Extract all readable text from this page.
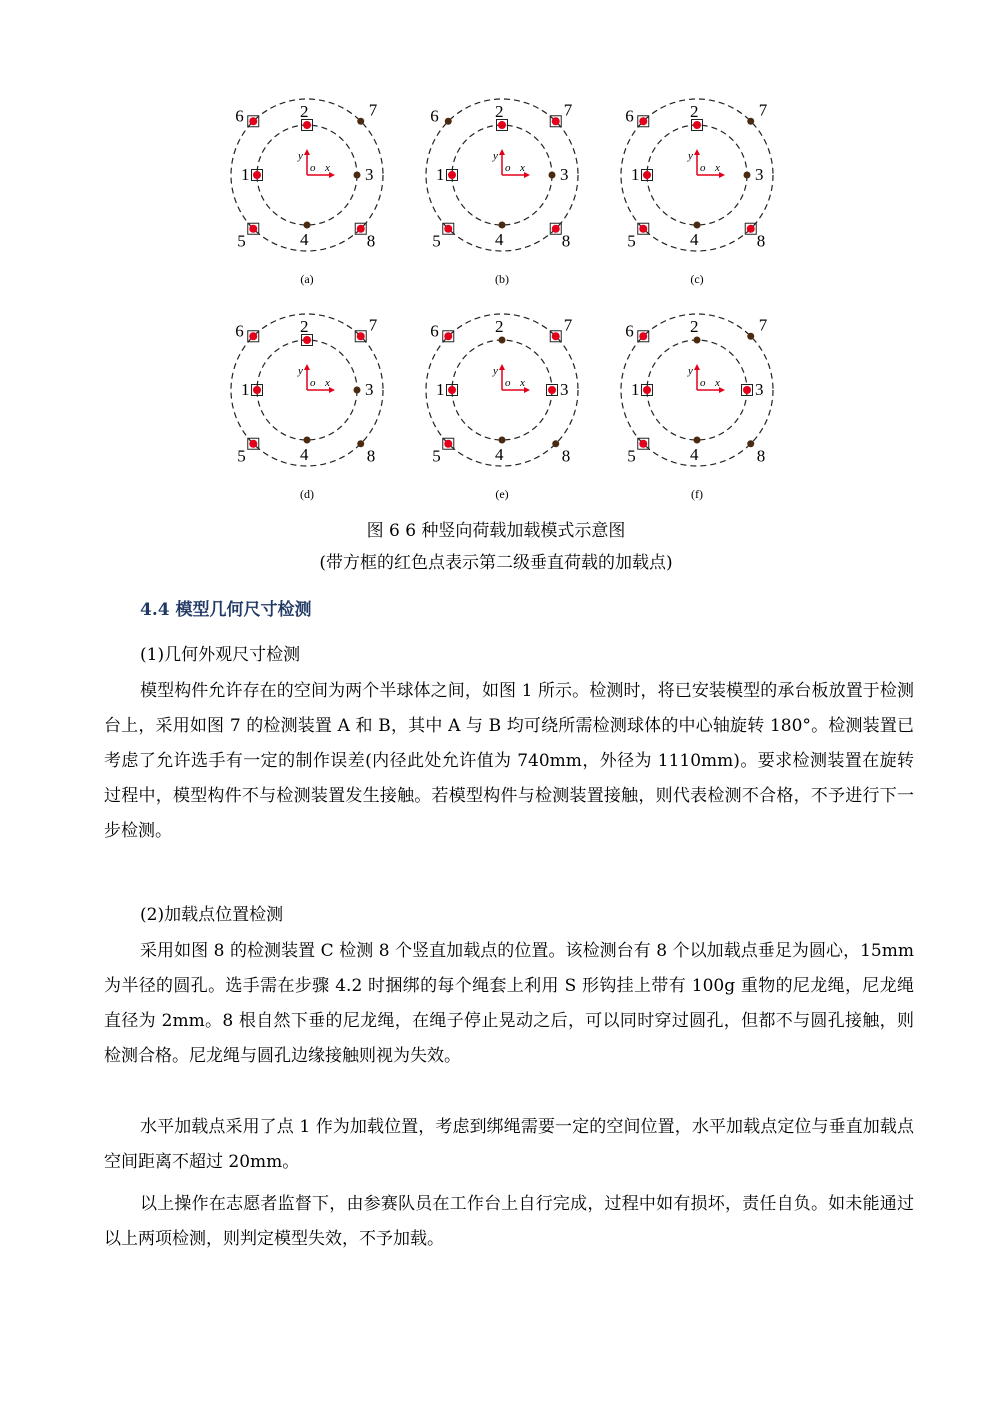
x
y
o
1
2
3
4
5
6	7
8
(a)
x
y
o
1
2
3
4
5
6	7
8
(b)
x
y
o
1
2
3
4
5
6	7
8
(c)
x
y
o
1
2
3
4
5
6	7
8
(d)
x
y
o
1
2
3
4
5
6	7
8
(e)
x
y
o
1
2
3
4
5
6	7
8
(f)
图 6 6 种竖向荷载加载模式示意图
(带方框的红色点表示第二级垂直荷载的加载点)
4.4 模型几何尺寸检测
(1)几何外观尺寸检测
模型构件允许存在的空间为两个半球体之间，如图 1 所示。检测时，将已安装模型的承台板放置于检测台上，采用如图 7 的检测装置 A 和 B，其中 A 与 B 均可绕所需检测球体的中心轴旋转 180°。检测装置已考虑了允许选手有一定的制作误差(内径此处允许值为 740mm，外径为 1110mm)。要求检测装置在旋转过程中，模型构件不与检测装置发生接触。若模型构件与检测装置接触，则代表检测不合格，不予进行下一步检测。
(2)加载点位置检测
采用如图 8 的检测装置 C 检测 8 个竖直加载点的位置。该检测台有 8 个以加载点垂足为圆心，15mm 为半径的圆孔。选手需在步骤 4.2 时捆绑的每个绳套上利用 S 形钩挂上带有 100g 重物的尼龙绳，尼龙绳直径为 2mm。8 根自然下垂的尼龙绳，在绳子停止晃动之后，可以同时穿过圆孔，但都不与圆孔接触，则检测合格。尼龙绳与圆孔边缘接触则视为失效。
水平加载点采用了点 1 作为加载位置，考虑到绑绳需要一定的空间位置，水平加载点定位与垂直加载点空间距离不超过 20mm。
以上操作在志愿者监督下，由参赛队员在工作台上自行完成，过程中如有损坏，责任自负。如未能通过以上两项检测，则判定模型失效，不予加载。
